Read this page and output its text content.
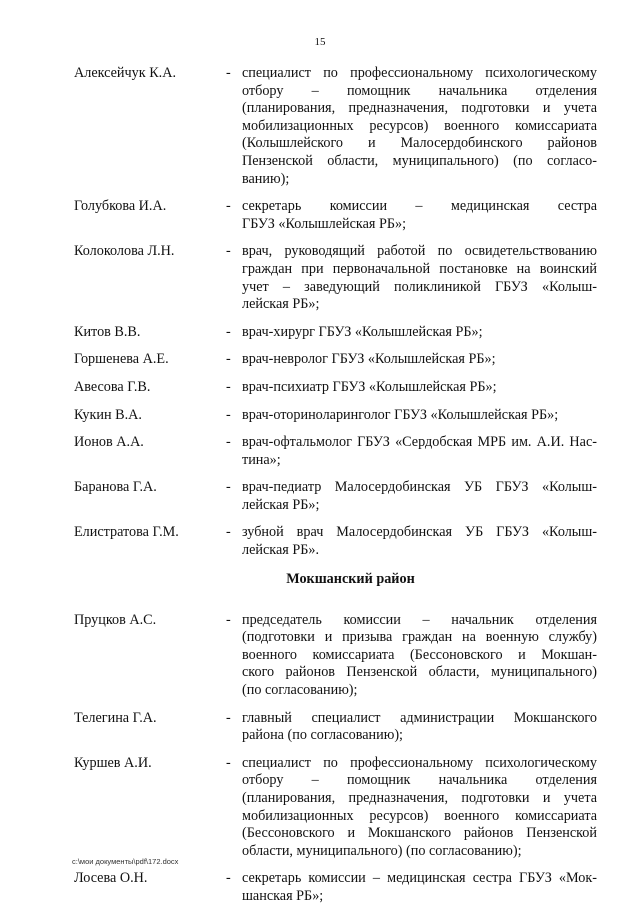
15
Алексейчук К.А.	- специалист по профессиональному психологическому
отбору – помощник начальника отделения
(планирования, предназначения, подготовки и учета
мобилизационных ресурсов) военного комиссариата
(Колышлейского и Малосердобинского районов
Пензенской области, муниципального) (по согласо-
ванию);
Голубкова И.А.	- секретарь комиссии – медицинская сестра
ГБУЗ «Колышлейская РБ»;
Колоколова Л.Н.	- врач, руководящий работой по освидетельствованию
граждан при первоначальной постановке на воинский
учет – заведующий поликлиникой ГБУЗ «Колыш-
лейская РБ»;
Китов В.В.	- врач-хирург ГБУЗ «Колышлейская РБ»;
Горшенева А.Е.	- врач-невролог ГБУЗ «Колышлейская РБ»;
Авесова Г.В.	- врач-психиатр ГБУЗ «Колышлейская РБ»;
Кукин В.А.	- врач-оториноларинголог ГБУЗ «Колышлейская РБ»;
Ионов А.А.	- врач-офтальмолог ГБУЗ «Сердобская МРБ им. А.И. Нас-
тина»;
Баранова Г.А.	- врач-педиатр Малосердобинская УБ ГБУЗ «Колыш-
лейская РБ»;
Елистратова Г.М.	- зубной врач Малосердобинская УБ ГБУЗ «Колыш-
лейская РБ».
Мокшанский район
Пруцков А.С.	- председатель комиссии – начальник отделения
(подготовки и призыва граждан на военную службу)
военного комиссариата (Бессоновского и Мокшан-
ского районов Пензенской области, муниципального)
(по согласованию);
Телегина Г.А.	- главный специалист администрации Мокшанского
района (по согласованию);
Куршев А.И.	- специалист по профессиональному психологическому
отбору – помощник начальника отделения
(планирования, предназначения, подготовки и учета
мобилизационных ресурсов) военного комиссариата
(Бессоновского и Мокшанского районов Пензенской
области, муниципального) (по согласованию);
Лосева О.Н.	- секретарь комиссии – медицинская сестра ГБУЗ «Мок-
шанская РБ»;
c:\мои документы\pdf\172.docx
